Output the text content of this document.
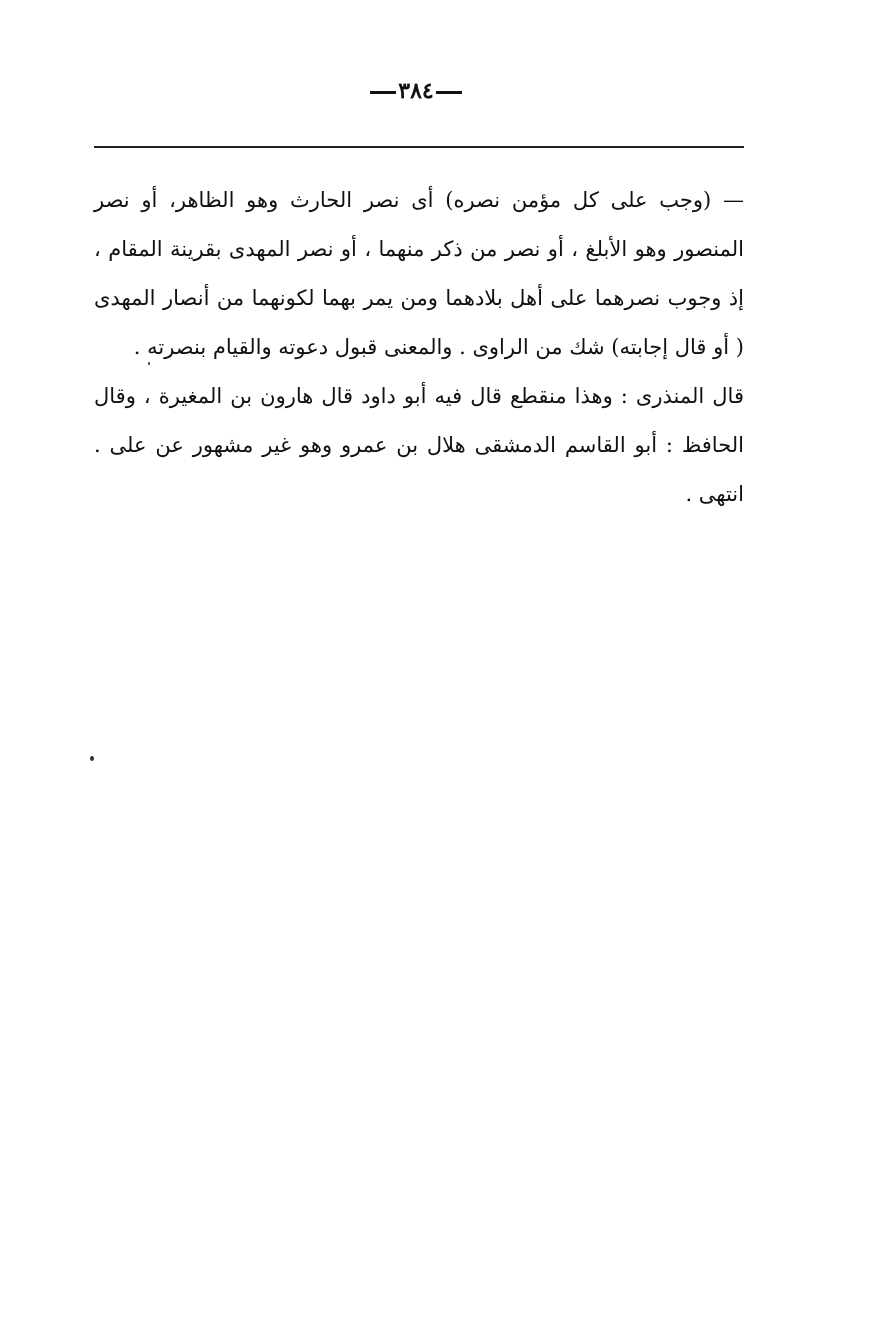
٣٨٤

— (وجب على كل مؤمن نصره) أى نصر الحارث وهو الظاهر، أو نصر المنصور وهو الأبلغ ، أو نصر من ذكر منهما ، أو نصر المهدى بقرينة المقام ، إذ وجوب نصرهما على أهل بلادهما ومن يمر بهما لكونهما من أنصار المهدى ( أو قال إجابته) شك من الراوى . والمعنى قبول دعوته والقيام بنصرته .

قال المنذرى : وهذا منقطع قال فيه أبو داود قال هارون بن المغيرة ، وقال الحافظ : أبو القاسم الدمشقى هلال بن عمرو وهو غير مشهور عن على . انتهى .
